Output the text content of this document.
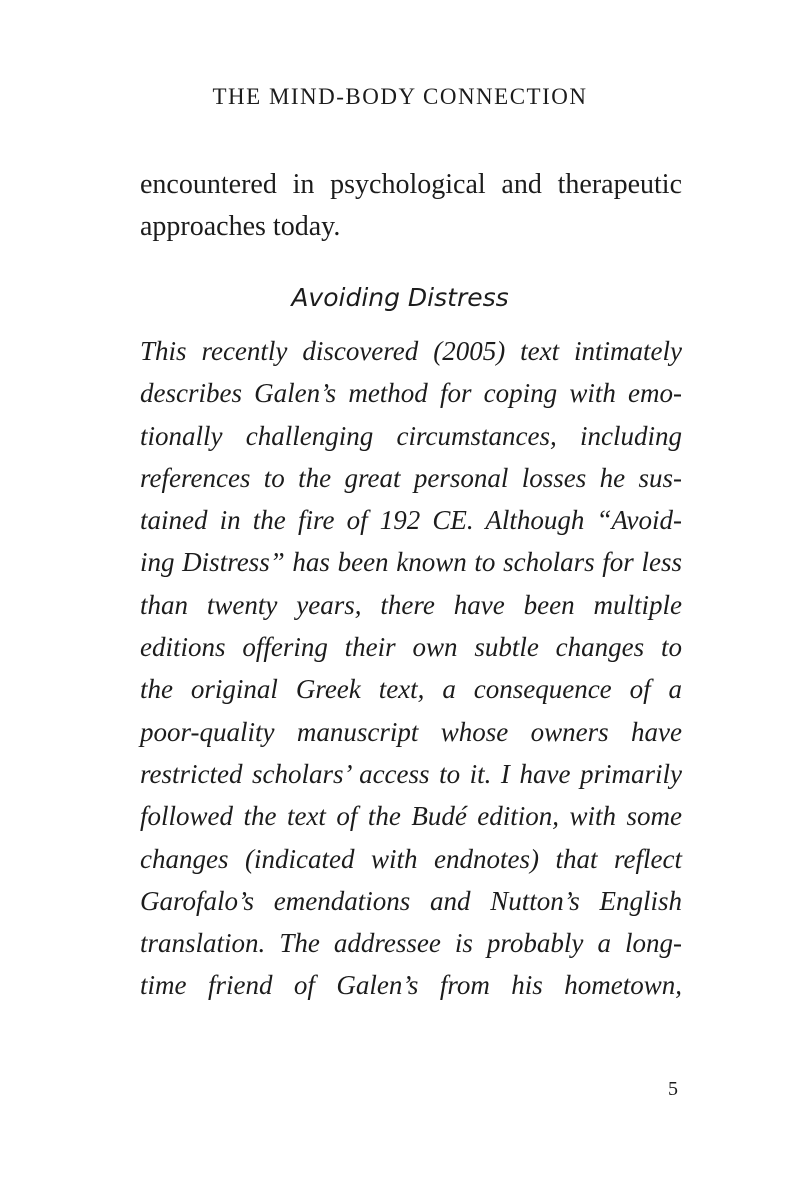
THE MIND-BODY CONNECTION
encountered in psychological and therapeutic
approaches today.
Avoiding Distress
This recently discovered (2005) text intimately
describes Galen’s method for coping with emo-
tionally challenging circumstances, including
references to the great personal losses he sus-
tained in the fire of 192 CE. Although “Avoid-
ing Distress” has been known to scholars for less
than twenty years, there have been multiple
editions offering their own subtle changes to
the original Greek text, a consequence of a
poor-quality manuscript whose owners have
restricted scholars’ access to it. I have primarily
followed the text of the Budé edition, with some
changes (indicated with endnotes) that reflect
Garofalo’s emendations and Nutton’s English
translation. The addressee is probably a long-
time friend of Galen’s from his hometown,
5
